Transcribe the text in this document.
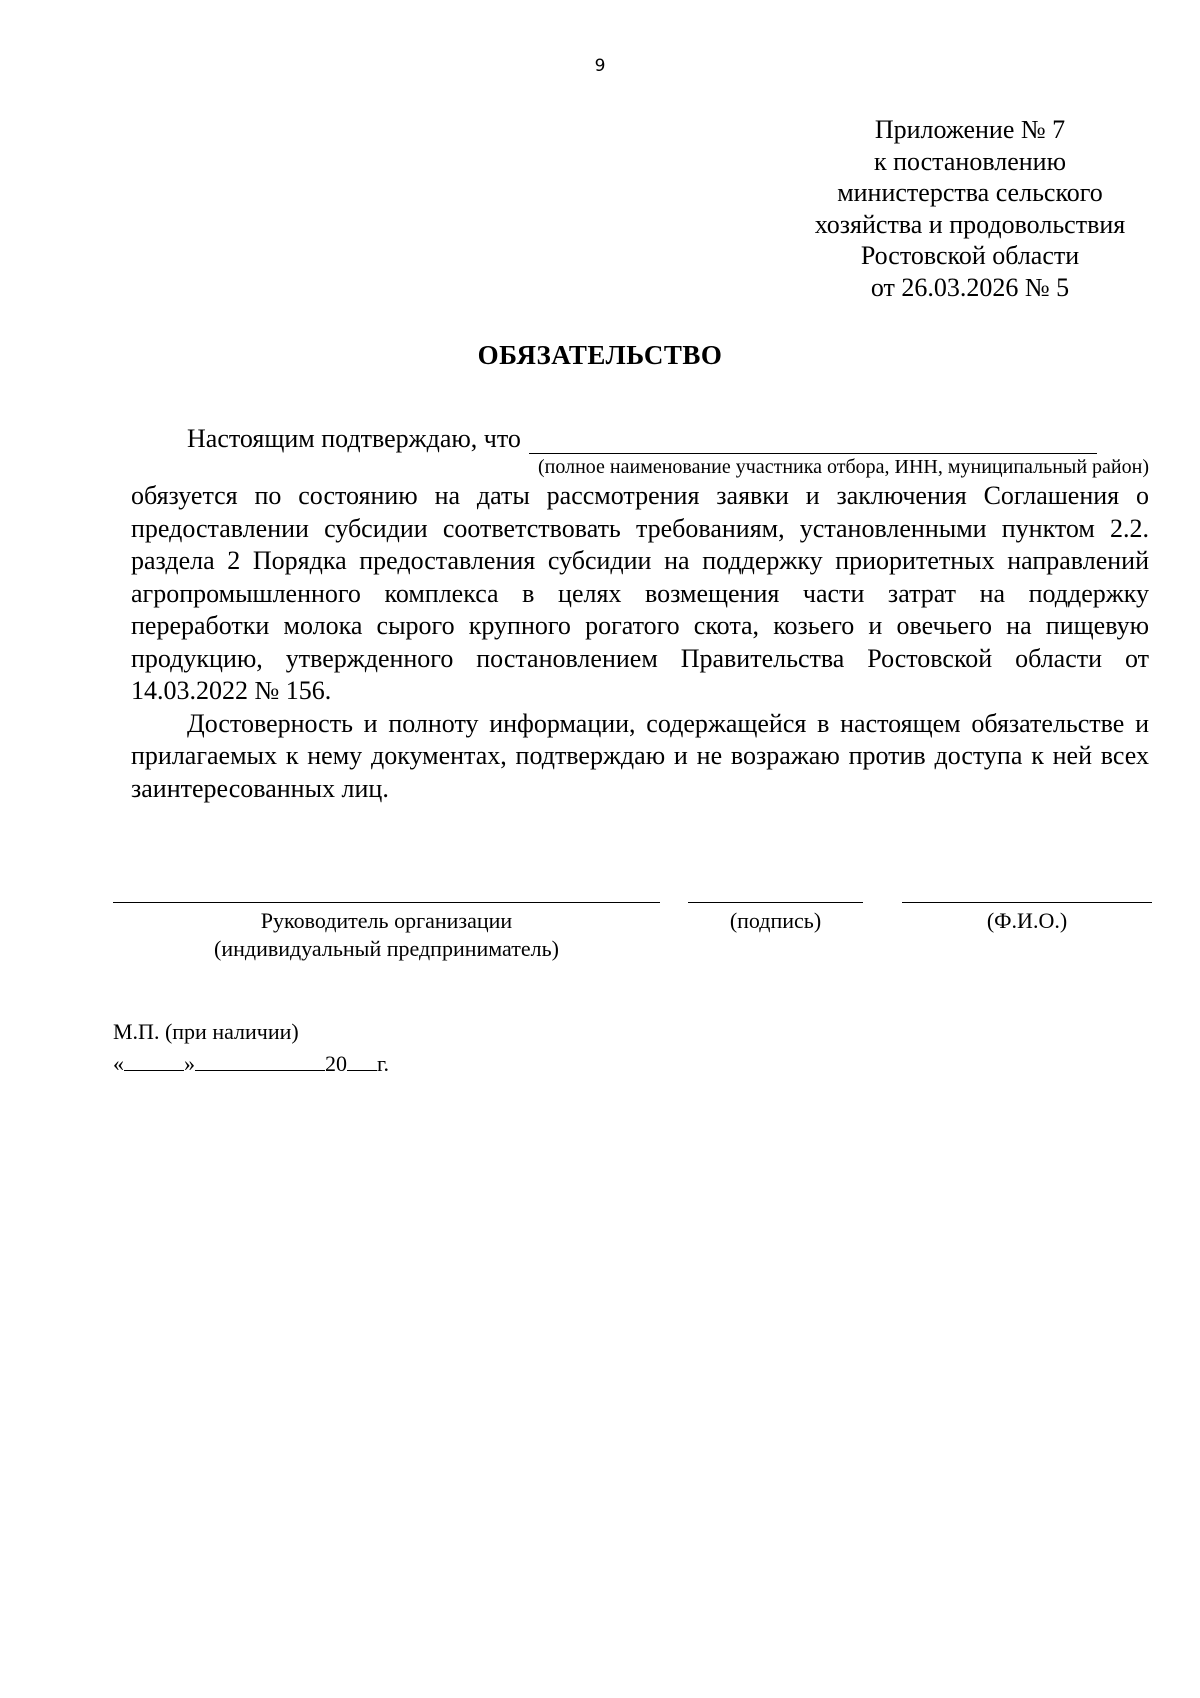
9
Приложение № 7
к постановлению
министерства сельского
хозяйства и продовольствия
Ростовской области
от 26.03.2026 № 5
ОБЯЗАТЕЛЬСТВО
Настоящим подтверждаю, что
(полное наименование участника отбора, ИНН, муниципальный район)

обязуется по состоянию на даты рассмотрения заявки и заключения Соглашения о предоставлении субсидии соответствовать требованиям, установленными пунктом 2.2. раздела 2 Порядка предоставления субсидии на поддержку приоритетных направлений агропромышленного комплекса в целях возмещения части затрат на поддержку переработки молока сырого крупного рогатого скота, козьего и овечьего на пищевую продукцию, утвержденного постановлением Правительства Ростовской области от 14.03.2022 № 156.

Достоверность и полноту информации, содержащейся в настоящем обязательстве и прилагаемых к нему документах, подтверждаю и не возражаю против доступа к ней всех заинтересованных лиц.

Руководитель организации
(индивидуальный предприниматель)
(подпись)	(Ф.И.О.)
М.П. (при наличии)
«	»	20 г.
